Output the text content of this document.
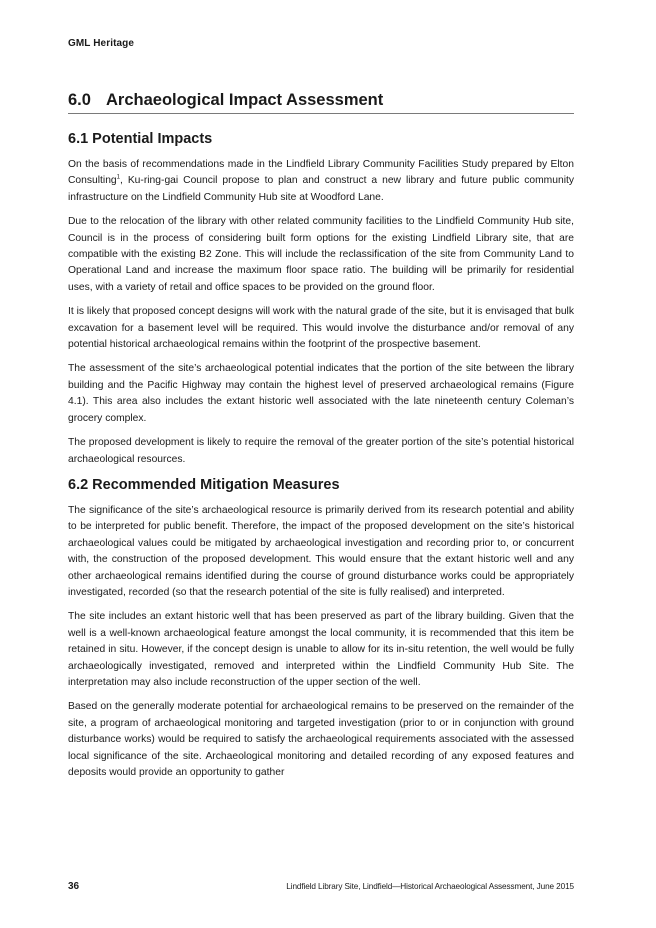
GML Heritage
6.0 Archaeological Impact Assessment
6.1 Potential Impacts

On the basis of recommendations made in the Lindfield Library Community Facilities Study prepared by Elton Consulting$^1$, Ku-ring-gai Council propose to plan and construct a new library and future public community infrastructure on the Lindfield Community Hub site at Woodford Lane.

Due to the relocation of the library with other related community facilities to the Lindfield Community Hub site, Council is in the process of considering built form options for the existing Lindfield Library site, that are compatible with the existing B2 Zone. This will include the reclassification of the site from Community Land to Operational Land and increase the maximum floor space ratio. The building will be primarily for residential uses, with a variety of retail and office spaces to be provided on the ground floor.

It is likely that proposed concept designs will work with the natural grade of the site, but it is envisaged that bulk excavation for a basement level will be required. This would involve the disturbance and/or removal of any potential historical archaeological remains within the footprint of the prospective basement.

The assessment of the site’s archaeological potential indicates that the portion of the site between the library building and the Pacific Highway may contain the highest level of preserved archaeological remains (Figure 4.1). This area also includes the extant historic well associated with the late nineteenth century Coleman’s grocery complex.

The proposed development is likely to require the removal of the greater portion of the site’s potential historical archaeological resources.

6.2 Recommended Mitigation Measures

The significance of the site’s archaeological resource is primarily derived from its research potential and ability to be interpreted for public benefit. Therefore, the impact of the proposed development on the site’s historical archaeological values could be mitigated by archaeological investigation and recording prior to, or concurrent with, the construction of the proposed development. This would ensure that the extant historic well and any other archaeological remains identified during the course of ground disturbance works could be appropriately investigated, recorded (so that the research potential of the site is fully realised) and interpreted.

The site includes an extant historic well that has been preserved as part of the library building. Given that the well is a well-known archaeological feature amongst the local community, it is recommended that this item be retained in situ. However, if the concept design is unable to allow for its in-situ retention, the well would be fully archaeologically investigated, removed and interpreted within the Lindfield Community Hub Site. The interpretation may also include reconstruction of the upper section of the well.

Based on the generally moderate potential for archaeological remains to be preserved on the remainder of the site, a program of archaeological monitoring and targeted investigation (prior to or in conjunction with ground disturbance works) would be required to satisfy the archaeological requirements associated with the assessed local significance of the site. Archaeological monitoring and detailed recording of any exposed features and deposits would provide an opportunity to gather

36	Lindfield Library Site, Lindfield—Historical Archaeological Assessment, June 2015
